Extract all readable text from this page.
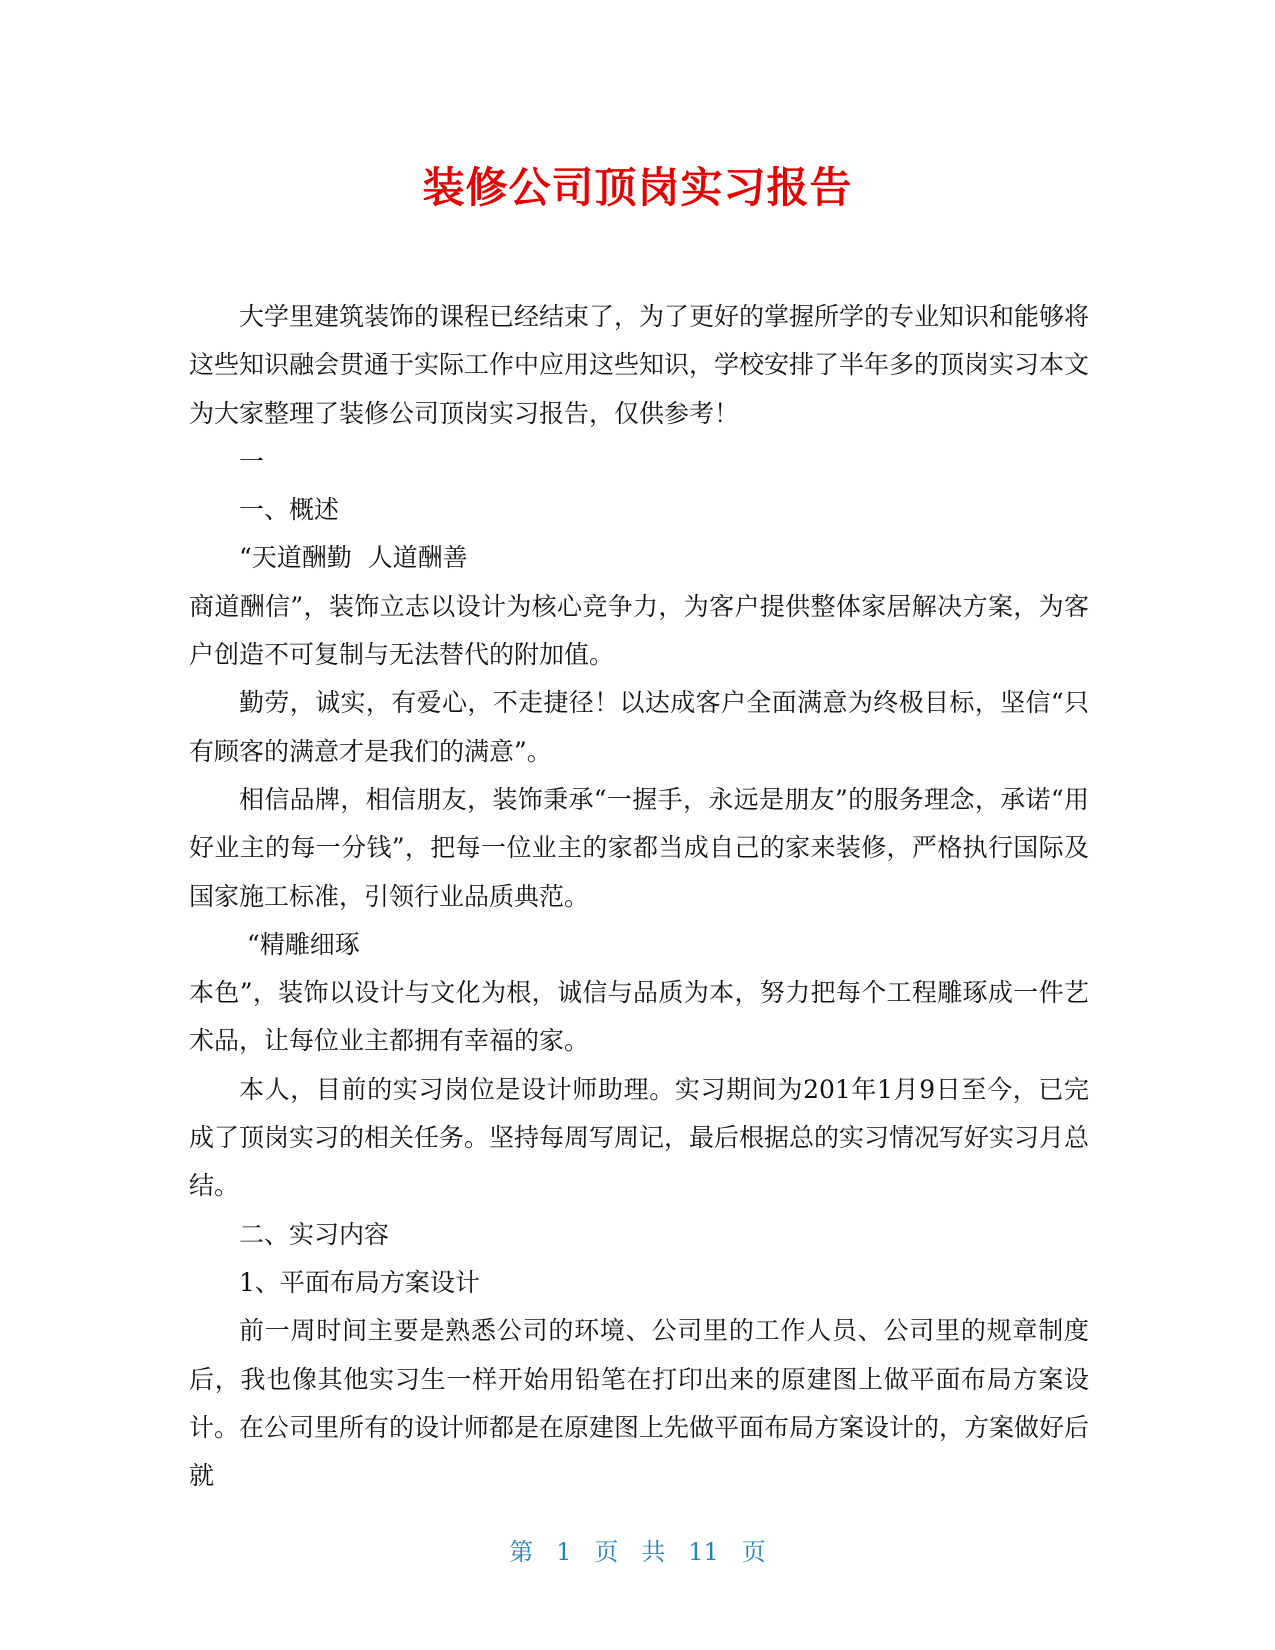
装修公司顶岗实习报告

大学里建筑装饰的课程已经结束了，为了更好的掌握所学的专业知识和能够将这些知识融会贯通于实际工作中应用这些知识，学校安排了半年多的顶岗实习本文为大家整理了装修公司顶岗实习报告，仅供参考！

一

一、概述

“天道酬勤  人道酬善

商道酬信”，装饰立志以设计为核心竞争力，为客户提供整体家居解决方案，为客户创造不可复制与无法替代的附加值。

勤劳，诚实，有爱心，不走捷径！以达成客户全面满意为终极目标，坚信“只有顾客的满意才是我们的满意”。

相信品牌，相信朋友，装饰秉承“一握手，永远是朋友”的服务理念，承诺“用好业主的每一分钱”，把每一位业主的家都当成自己的家来装修，严格执行国际及国家施工标准，引领行业品质典范。

“精雕细琢

本色”，装饰以设计与文化为根，诚信与品质为本，努力把每个工程雕琢成一件艺术品，让每位业主都拥有幸福的家。

本人，目前的实习岗位是设计师助理。实习期间为201年1月9日至今，已完成了顶岗实习的相关任务。坚持每周写周记，最后根据总的实习情况写好实习月总结。

二、实习内容

1、平面布局方案设计

前一周时间主要是熟悉公司的环境、公司里的工作人员、公司里的规章制度后，我也像其他实习生一样开始用铅笔在打印出来的原建图上做平面布局方案设计。在公司里所有的设计师都是在原建图上先做平面布局方案设计的，方案做好后就

第 1 页 共 11 页
